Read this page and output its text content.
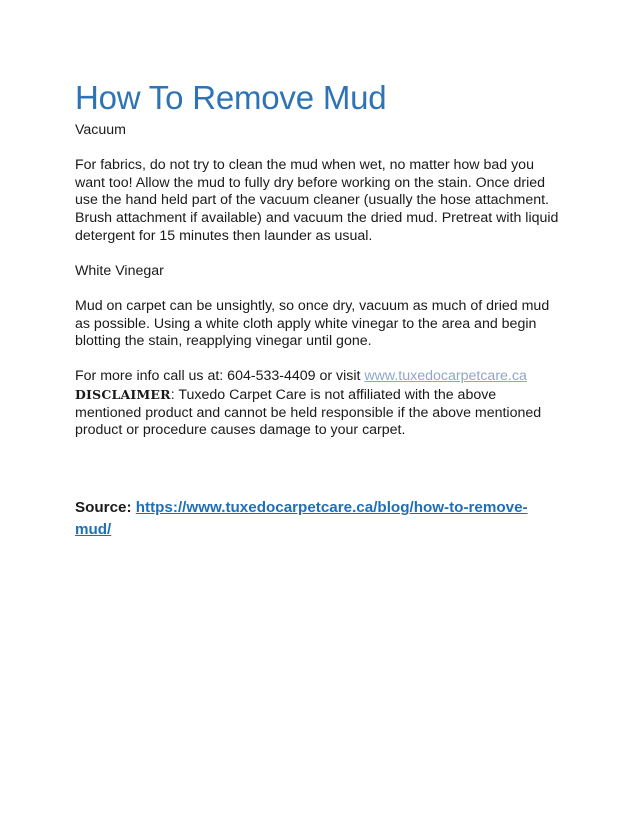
How To Remove Mud

Vacuum

For fabrics, do not try to clean the mud when wet, no matter how bad you want too! Allow the mud to fully dry before working on the stain. Once dried use the hand held part of the vacuum cleaner (usually the hose attachment. Brush attachment if available) and vacuum the dried mud. Pretreat with liquid detergent for 15 minutes then launder as usual.

White Vinegar

Mud on carpet can be unsightly, so once dry, vacuum as much of dried mud as possible. Using a white cloth apply white vinegar to the area and begin blotting the stain, reapplying vinegar until gone.

For more info call us at: 604-533-4409 or visit www.tuxedocarpetcare.ca

DISCLAIMER: Tuxedo Carpet Care is not affiliated with the above mentioned product and cannot be held responsible if the above mentioned product or procedure causes damage to your carpet.

Source: https://www.tuxedocarpetcare.ca/blog/how-to-remove-mud/
